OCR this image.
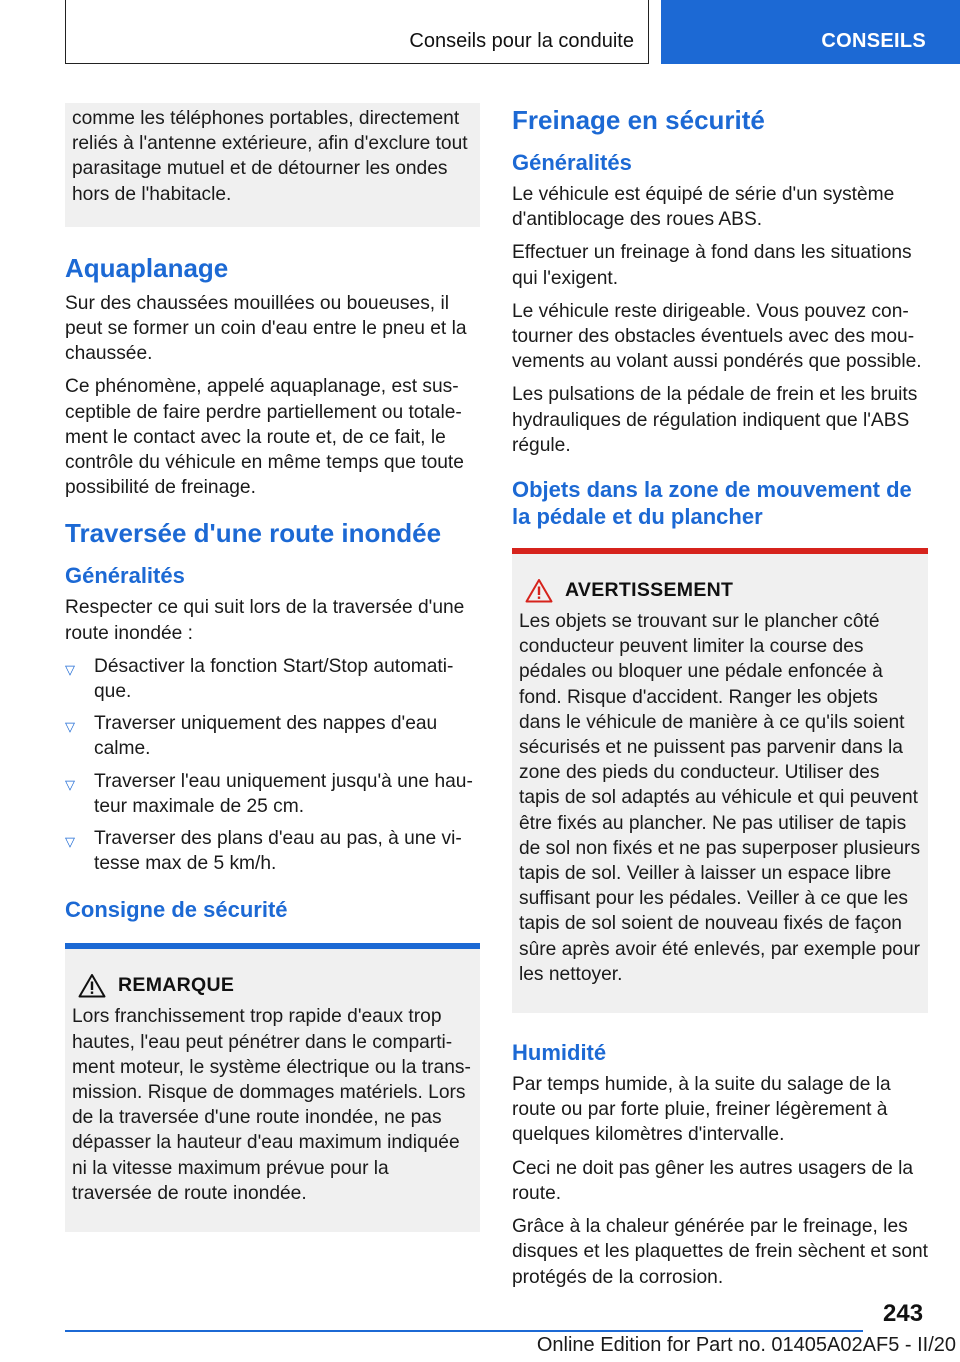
Conseils pour la conduite	CONSEILS

comme les téléphones portables, directement reliés à l'antenne extérieure, afin d'exclure tout parasitage mutuel et de détourner les ondes hors de l'habitacle.

Aquaplanage

Sur des chaussées mouillées ou boueuses, il peut se former un coin d'eau entre le pneu et la chaussée.

Ce phénomène, appelé aquaplanage, est susceptible de faire perdre partiellement ou totalement le contact avec la route et, de ce fait, le contrôle du véhicule en même temps que toute possibilité de freinage.

Traversée d'une route inondée
Généralités

Respecter ce qui suit lors de la traversée d'une route inondée :

▽ Désactiver la fonction Start/Stop automatique.
▽ Traverser uniquement des nappes d'eau calme.
▽ Traverser l'eau uniquement jusqu'à une hauteur maximale de 25 cm.
▽ Traverser des plans d'eau au pas, à une vitesse max de 5 km/h.
Consigne de sécurité
REMARQUE

Lors franchissement trop rapide d'eaux trop hautes, l'eau peut pénétrer dans le compartiment moteur, le système électrique ou la transmission. Risque de dommages matériels. Lors de la traversée d'une route inondée, ne pas dépasser la hauteur d'eau maximum indiquée ni la vitesse maximum prévue pour la traversée de route inondée.

Freinage en sécurité
Généralités

Le véhicule est équipé de série d'un système d'antiblocage des roues ABS.

Effectuer un freinage à fond dans les situations qui l'exigent.

Le véhicule reste dirigeable. Vous pouvez contourner des obstacles éventuels avec des mouvements au volant aussi pondérés que possible.

Les pulsations de la pédale de frein et les bruits hydrauliques de régulation indiquent que l'ABS régule.

Objets dans la zone de mouvement de la pédale et du plancher
AVERTISSEMENT

Les objets se trouvant sur le plancher côté conducteur peuvent limiter la course des pédales ou bloquer une pédale enfoncée à fond. Risque d'accident. Ranger les objets dans le véhicule de manière à ce qu'ils soient sécurisés et ne puissent pas parvenir dans la zone des pieds du conducteur. Utiliser des tapis de sol adaptés au véhicule et qui peuvent être fixés au plancher. Ne pas utiliser de tapis de sol non fixés et ne pas superposer plusieurs tapis de sol. Veiller à laisser un espace libre suffisant pour les pédales. Veiller à ce que les tapis de sol soient de nouveau fixés de façon sûre après avoir été enlevés, par exemple pour les nettoyer.

Humidité

Par temps humide, à la suite du salage de la route ou par forte pluie, freiner légèrement à quelques kilomètres d'intervalle.

Ceci ne doit pas gêner les autres usagers de la route.

Grâce à la chaleur générée par le freinage, les disques et les plaquettes de frein sèchent et sont protégés de la corrosion.

243
Online Edition for Part no. 01405A02AF5 - II/20
